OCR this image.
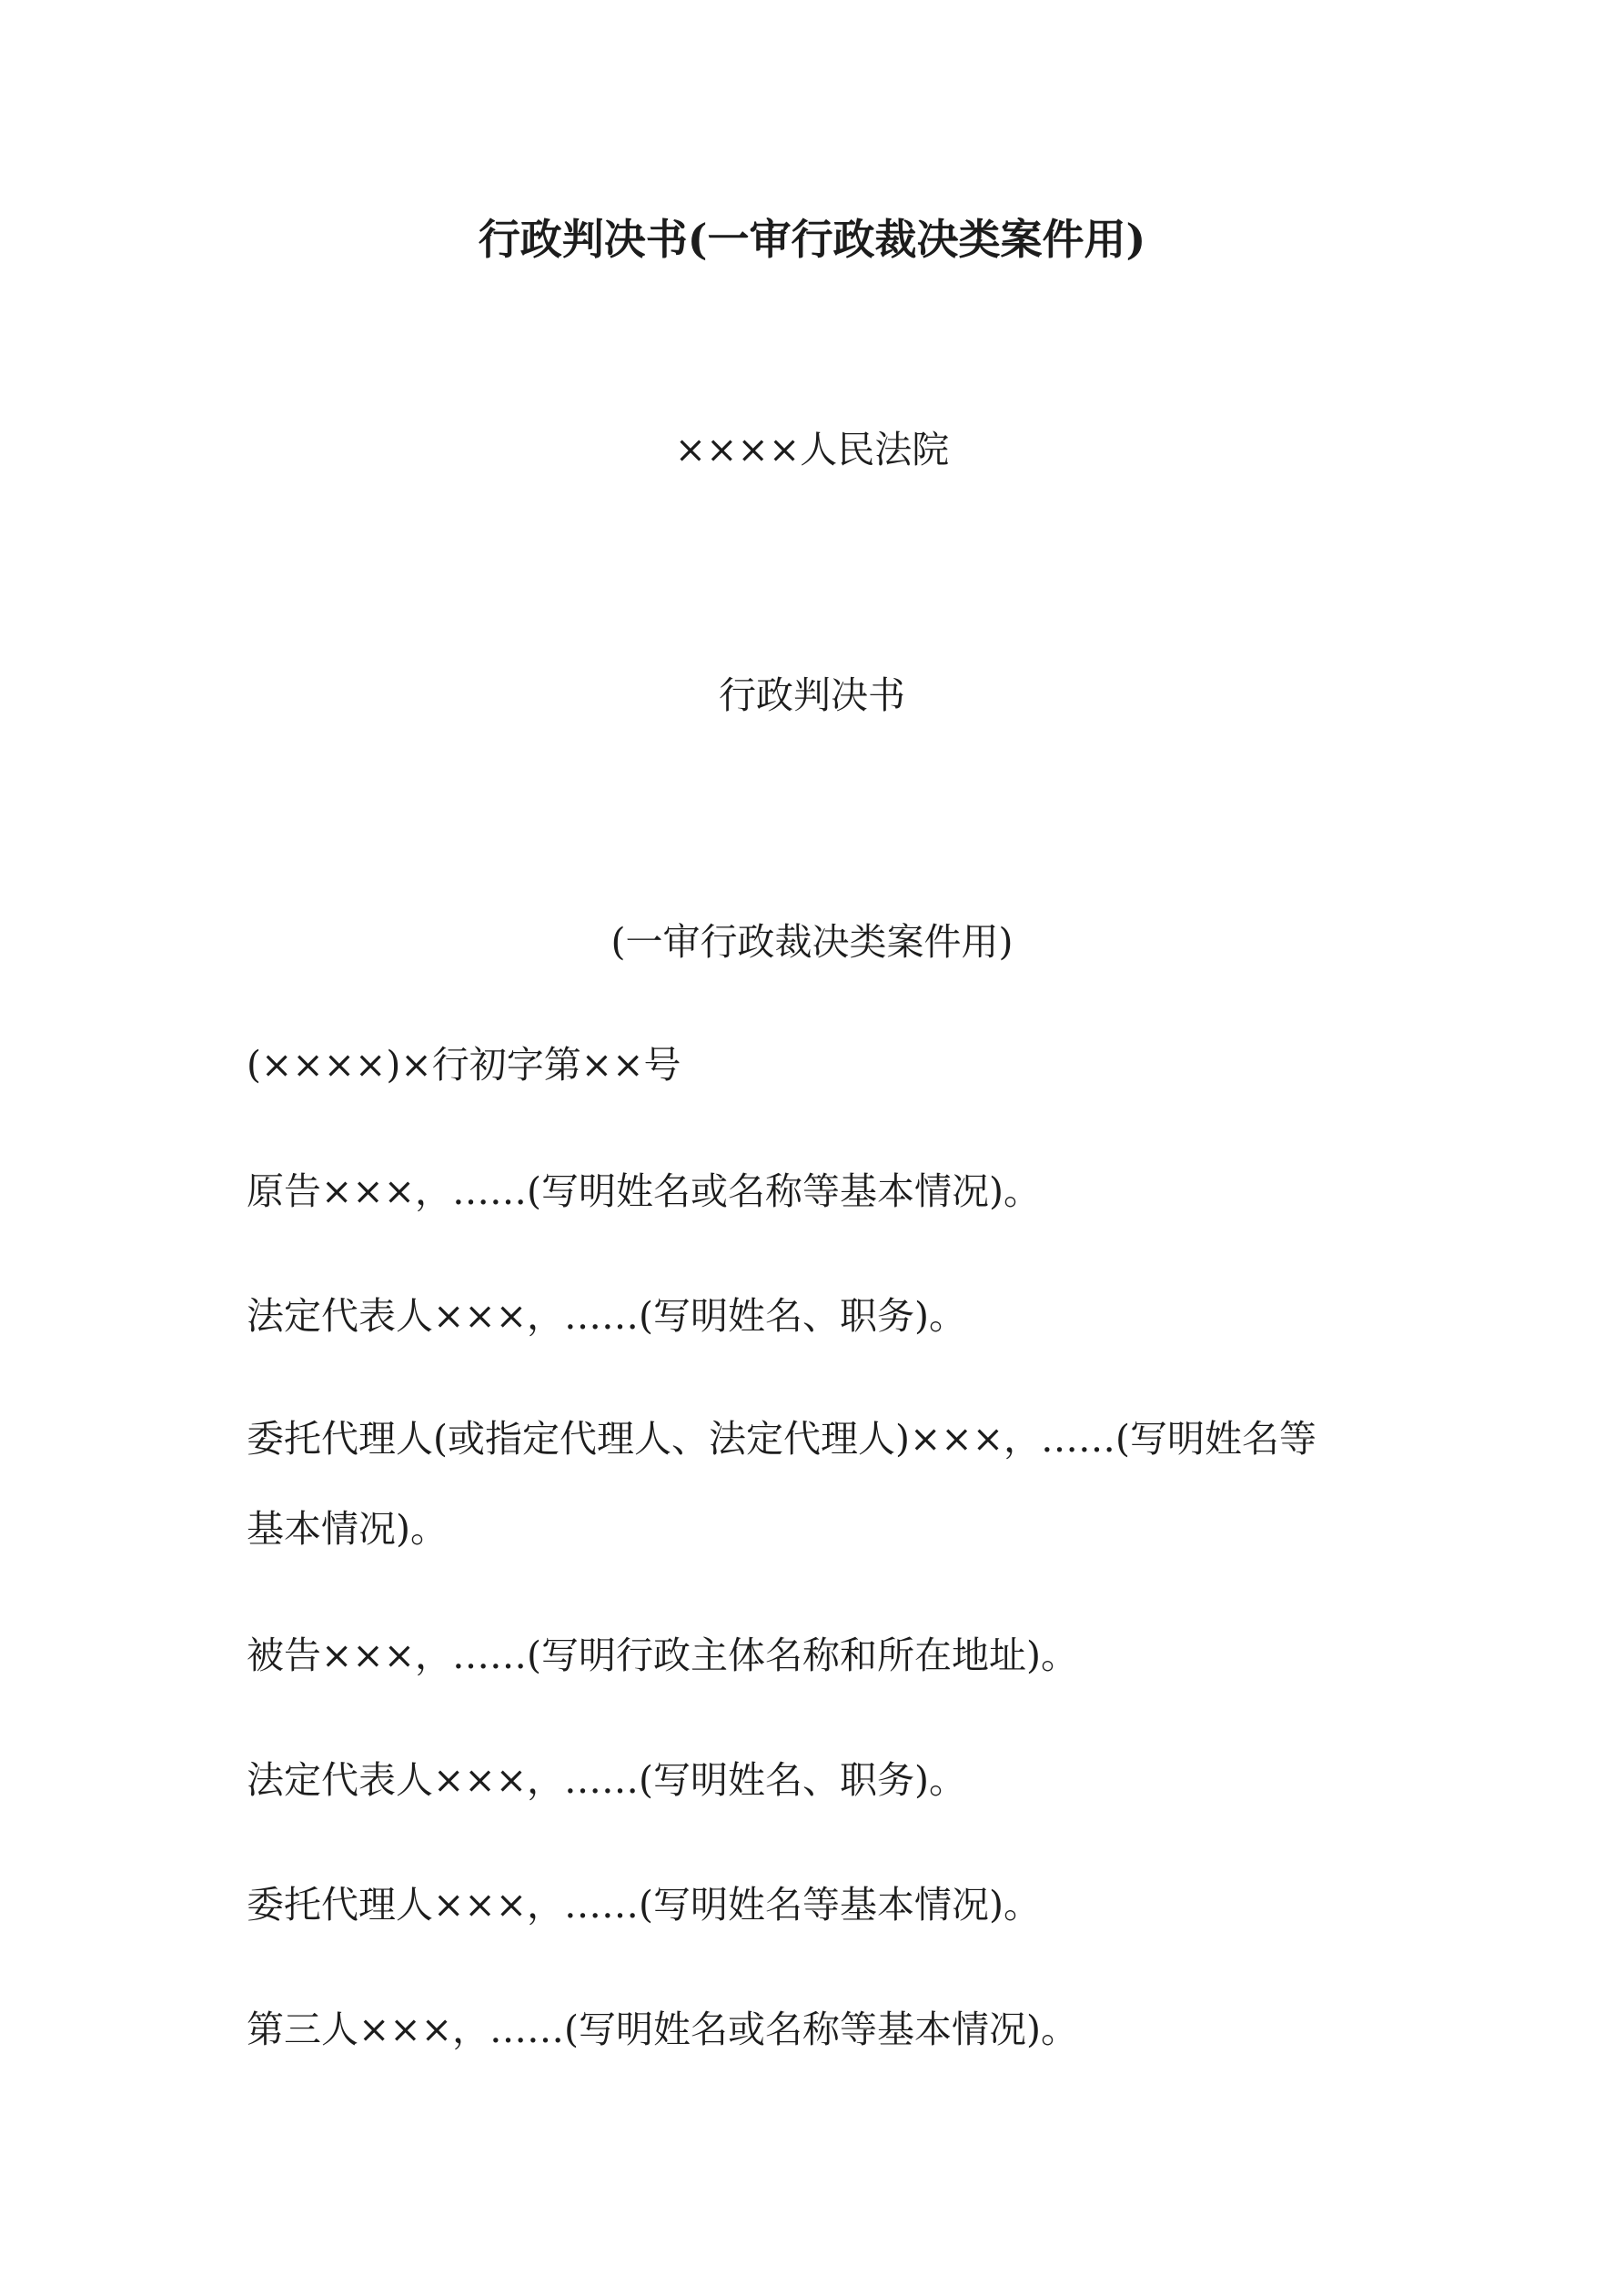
行政判决书(一审行政裁决类案件用)
××××人民法院
行政判决书
(一审行政裁决类案件用)
(××××)×行初字第××号
原告×××，……(写明姓名或名称等基本情况)。
法定代表人×××，……(写明姓名、职务)。
委托代理人(或指定代理人、法定代理人)×××，……(写明姓名等
基本情况)。
被告×××，……(写明行政主体名称和所在地址)。
法定代表人×××，……(写明姓名、职务)。
委托代理人×××，……(写明姓名等基本情况)。
第三人×××，……(写明姓名或名称等基本情况)。
